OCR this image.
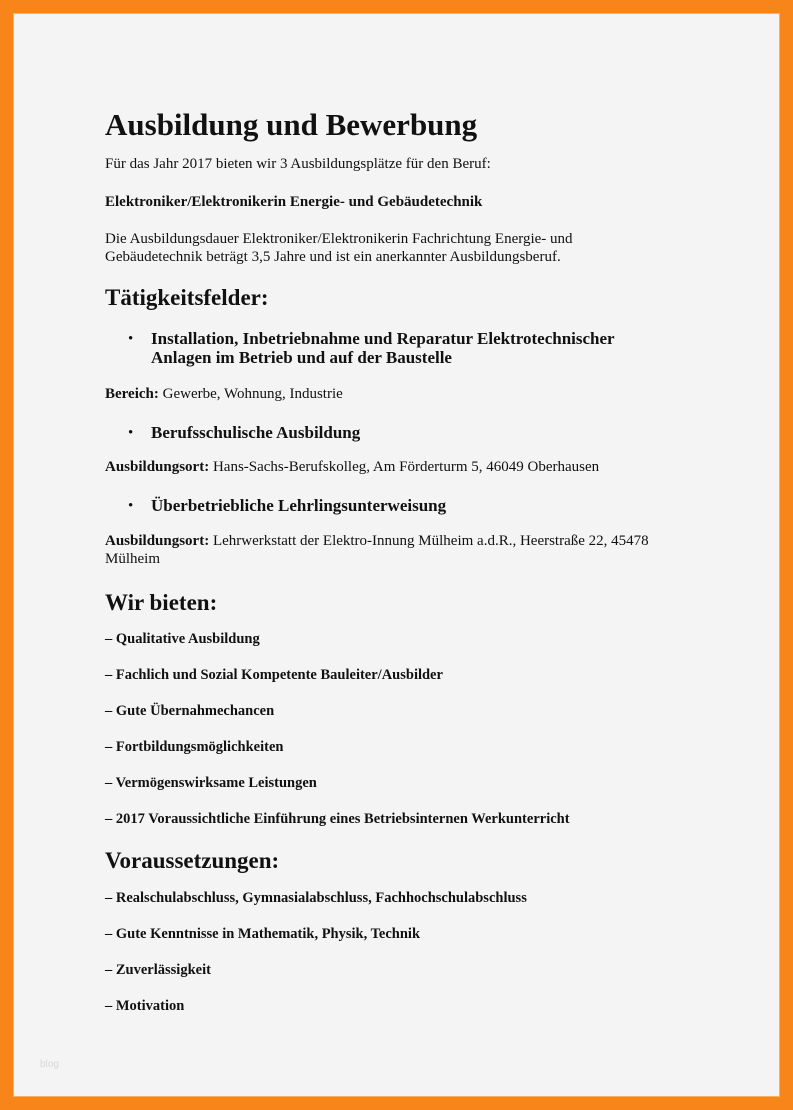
Ausbildung und Bewerbung
Für das Jahr 2017 bieten wir 3 Ausbildungsplätze für den Beruf:
Elektroniker/Elektronikerin Energie- und Gebäudetechnik
Die Ausbildungsdauer Elektroniker/Elektronikerin Fachrichtung Energie- und
Gebäudetechnik beträgt 3,5 Jahre und ist ein anerkannter Ausbildungsberuf.
Tätigkeitsfelder:
• Installation, Inbetriebnahme und Reparatur Elektrotechnischer
Anlagen im Betrieb und auf der Baustelle
Bereich: Gewerbe, Wohnung, Industrie
• Berufsschulische Ausbildung
Ausbildungsort: Hans-Sachs-Berufskolleg, Am Förderturm 5, 46049 Oberhausen
• Überbetriebliche Lehrlingsunterweisung
Ausbildungsort: Lehrwerkstatt der Elektro-Innung Mülheim a.d.R., Heerstraße 22, 45478
Mülheim
Wir bieten:
– Qualitative Ausbildung
– Fachlich und Sozial Kompetente Bauleiter/Ausbilder
– Gute Übernahmechancen
– Fortbildungsmöglichkeiten
– Vermögenswirksame Leistungen
– 2017 Voraussichtliche Einführung eines Betriebsinternen Werkunterricht
Voraussetzungen:
– Realschulabschluss, Gymnasialabschluss, Fachhochschulabschluss
– Gute Kenntnisse in Mathematik, Physik, Technik
– Zuverlässigkeit
– Motivation
blog
